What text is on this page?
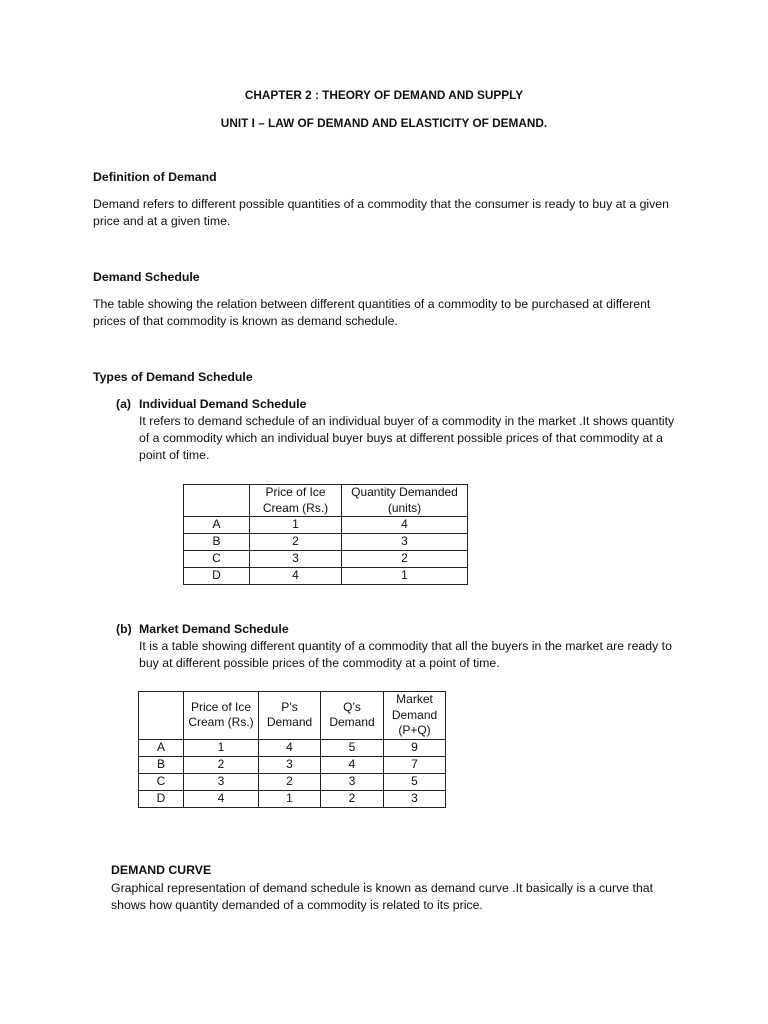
CHAPTER 2 : THEORY OF DEMAND AND SUPPLY
UNIT I – LAW OF DEMAND AND ELASTICITY OF DEMAND.
Definition of Demand
Demand refers to different possible quantities of a commodity that the consumer is ready to buy at a given price and at a given time.
Demand Schedule
The table showing the relation between different quantities of a commodity to be purchased at different prices of that commodity is known as demand schedule.
Types of Demand Schedule
(a) Individual Demand Schedule
It refers to demand schedule of an individual buyer of a commodity in the market .It shows quantity of a commodity which an individual buyer buys at different possible prices of that commodity at a point of time.
	Price of Ice Cream (Rs.)	Quantity Demanded (units)
A	1	4
B	2	3
C	3	2
D	4	1
(b) Market Demand Schedule
It is a table showing different quantity of a commodity that all the buyers in the market are ready to buy at different possible prices of the commodity at a point of time.
	Price of Ice Cream (Rs.)	P’s Demand	Q’s Demand	Market Demand (P+Q)
A	1	4	5	9
B	2	3	4	7
C	3	2	3	5
D	4	1	2	3
DEMAND CURVE
Graphical representation of demand schedule is known as demand curve .It basically is a curve that shows how quantity demanded of a commodity is related to its price.
